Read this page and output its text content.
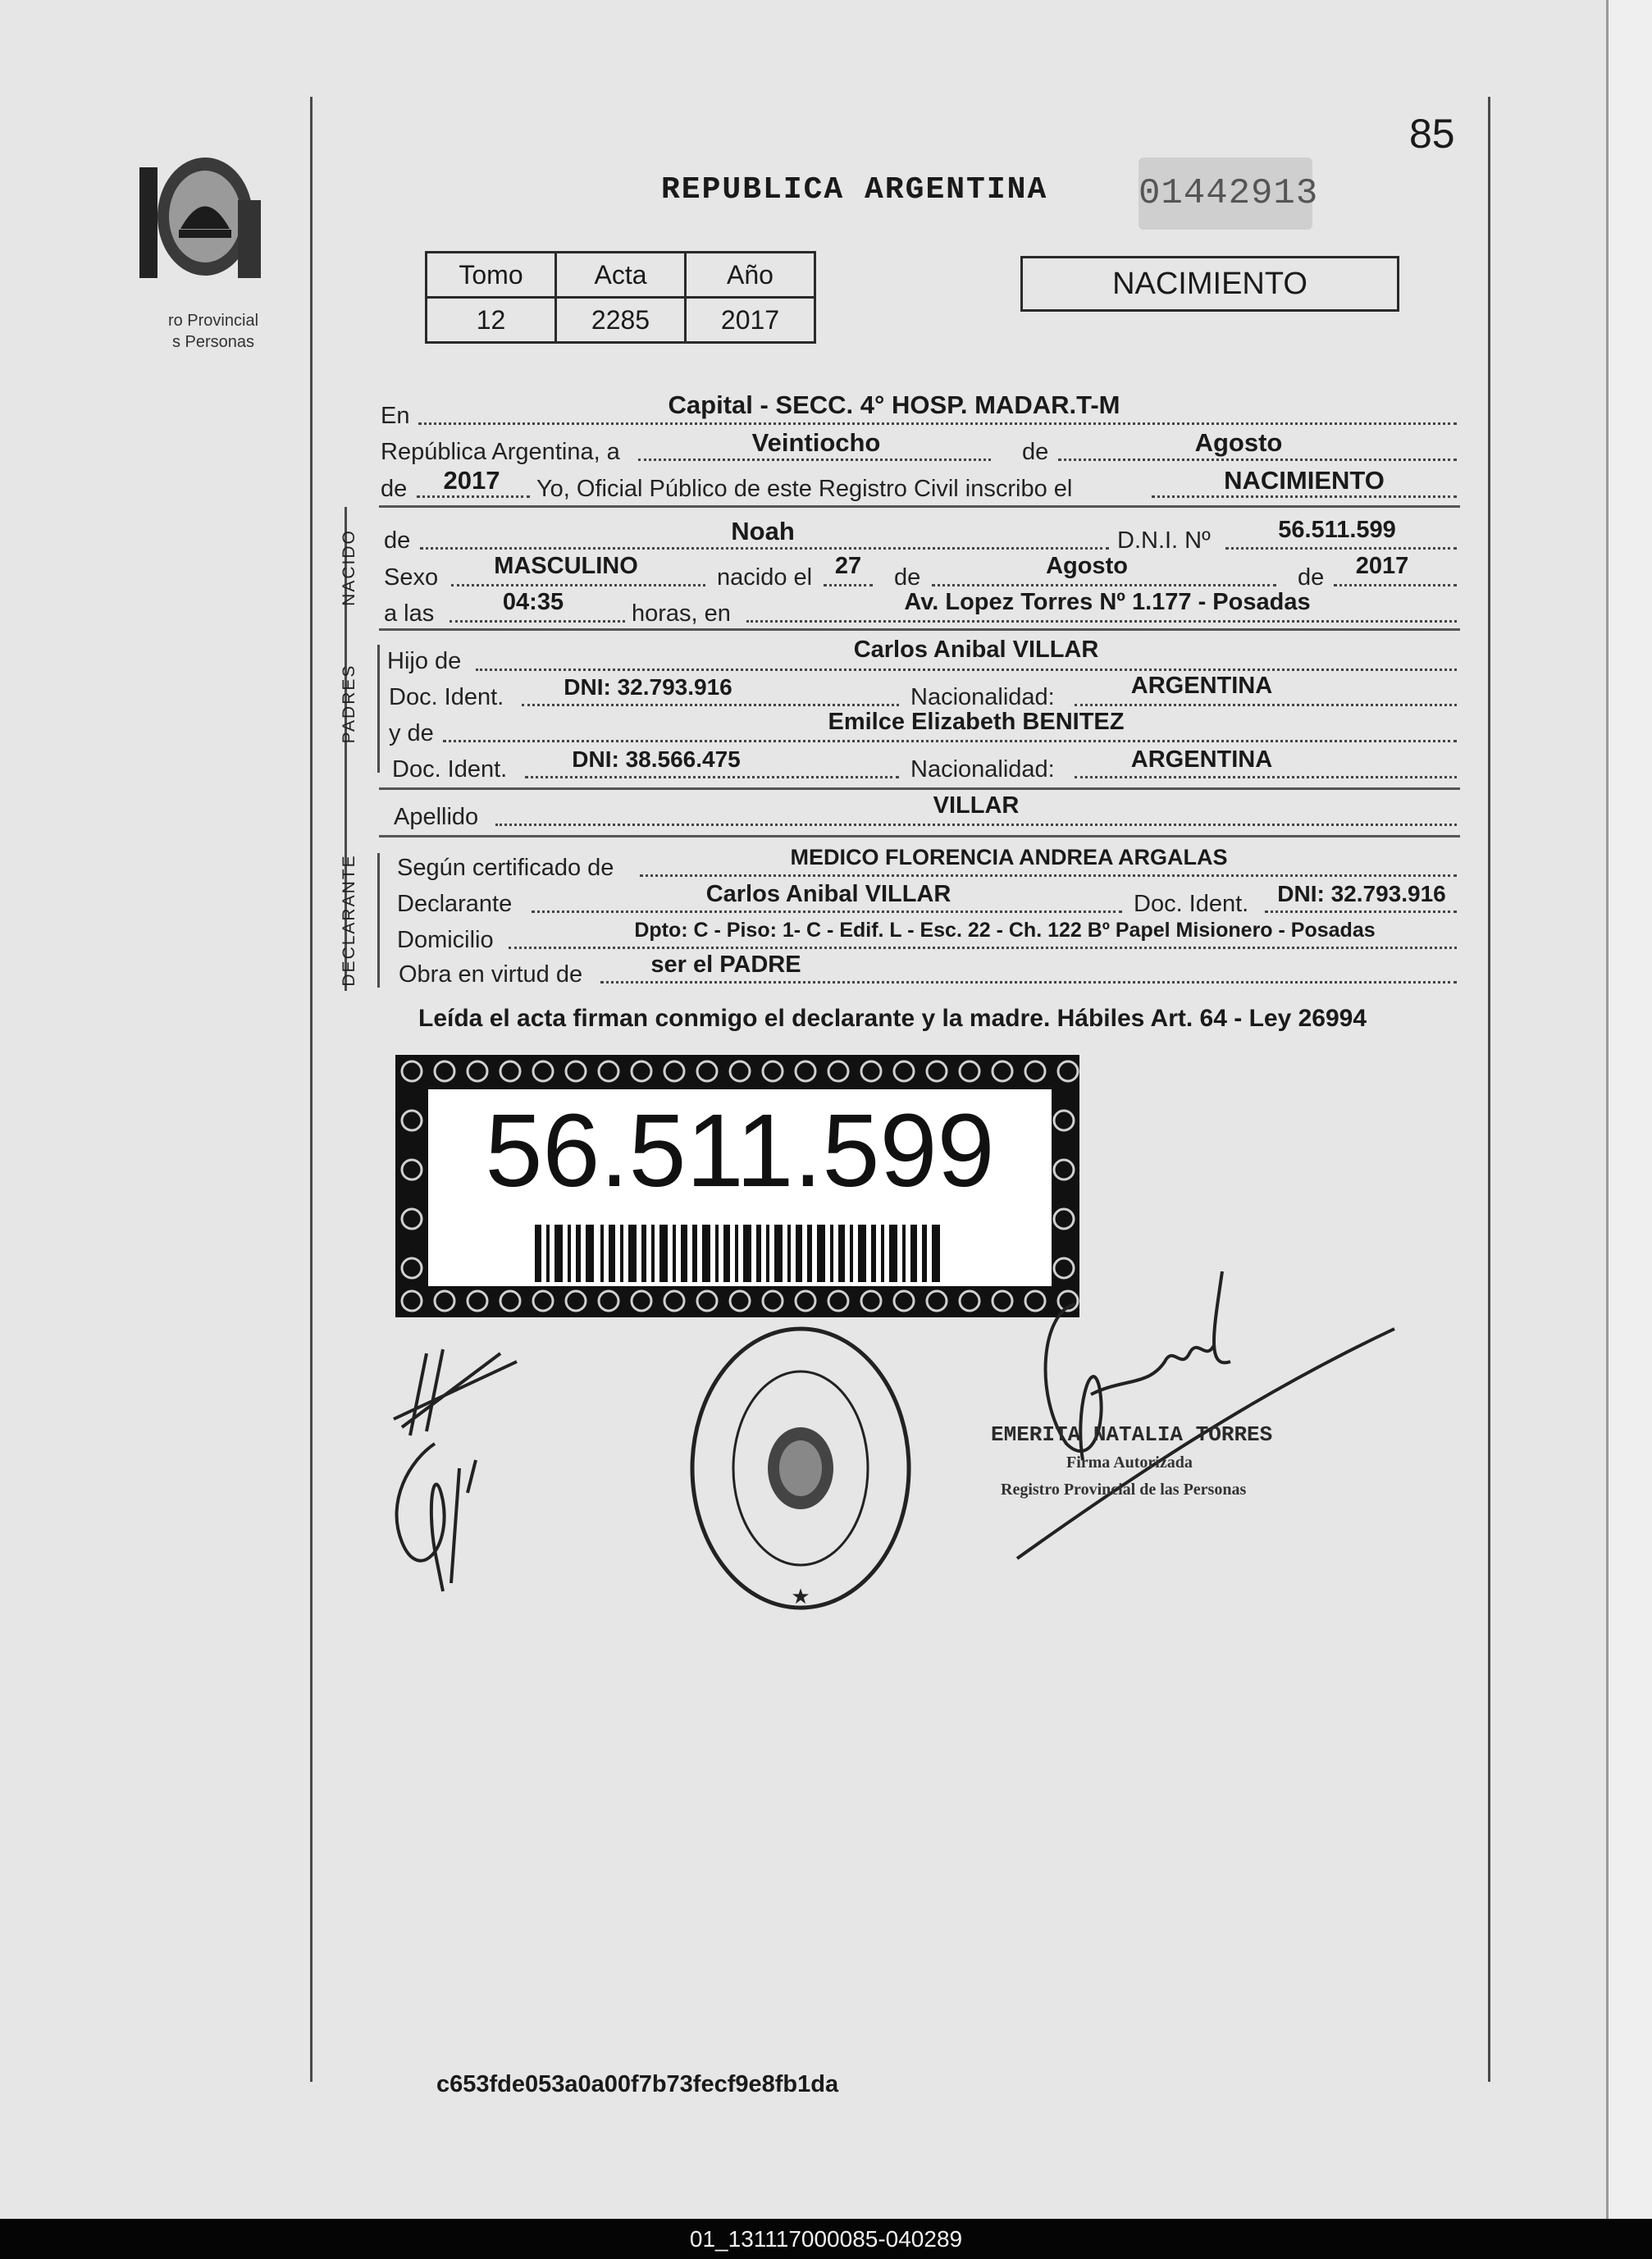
ro Provincial
s Personas
85
REPUBLICA ARGENTINA	01442913
Tomo	Acta	Año
12	2285	2017
NACIMIENTO
En	Capital - SECC. 4° HOSP. MADAR.T-M
República Argentina, a	Veintiocho	de	Agosto
de	2017	Yo, Oficial Público de este Registro Civil inscribo el	NACIMIENTO
NACIDO de	Noah	D.N.I. Nº	56.511.599
Sexo	MASCULINO	nacido el 27	de	Agosto	de	2017
a las	04:35	horas, en	Av. Lopez Torres Nº 1.177 - Posadas
PADRES
Hijo de	Carlos Anibal VILLAR
Doc. Ident.	DNI: 32.793.916	Nacionalidad:	ARGENTINA
y de	Emilce Elizabeth BENITEZ
Doc. Ident.	DNI: 38.566.475	Nacionalidad:	ARGENTINA
Apellido	VILLAR
DECLARANTE Según certificado de	MEDICO FLORENCIA ANDREA ARGALAS
Declarante	Carlos Anibal VILLAR	Doc. Ident.	DNI: 32.793.916
Domicilio	Dpto: C - Piso: 1- C - Edif. L - Esc. 22 - Ch. 122 Bº Papel Misionero - Posadas
Obra en virtud de	ser el PADRE
Leída el acta firman conmigo el declarante y la madre. Hábiles Art. 64 - Ley 26994
56.511.599
★
EMERITA NATALIA TORRES
Firma Autorizada
Registro Provincial de las Personas
c653fde053a0a00f7b73fecf9e8fb1da
01_131117000085-040289
